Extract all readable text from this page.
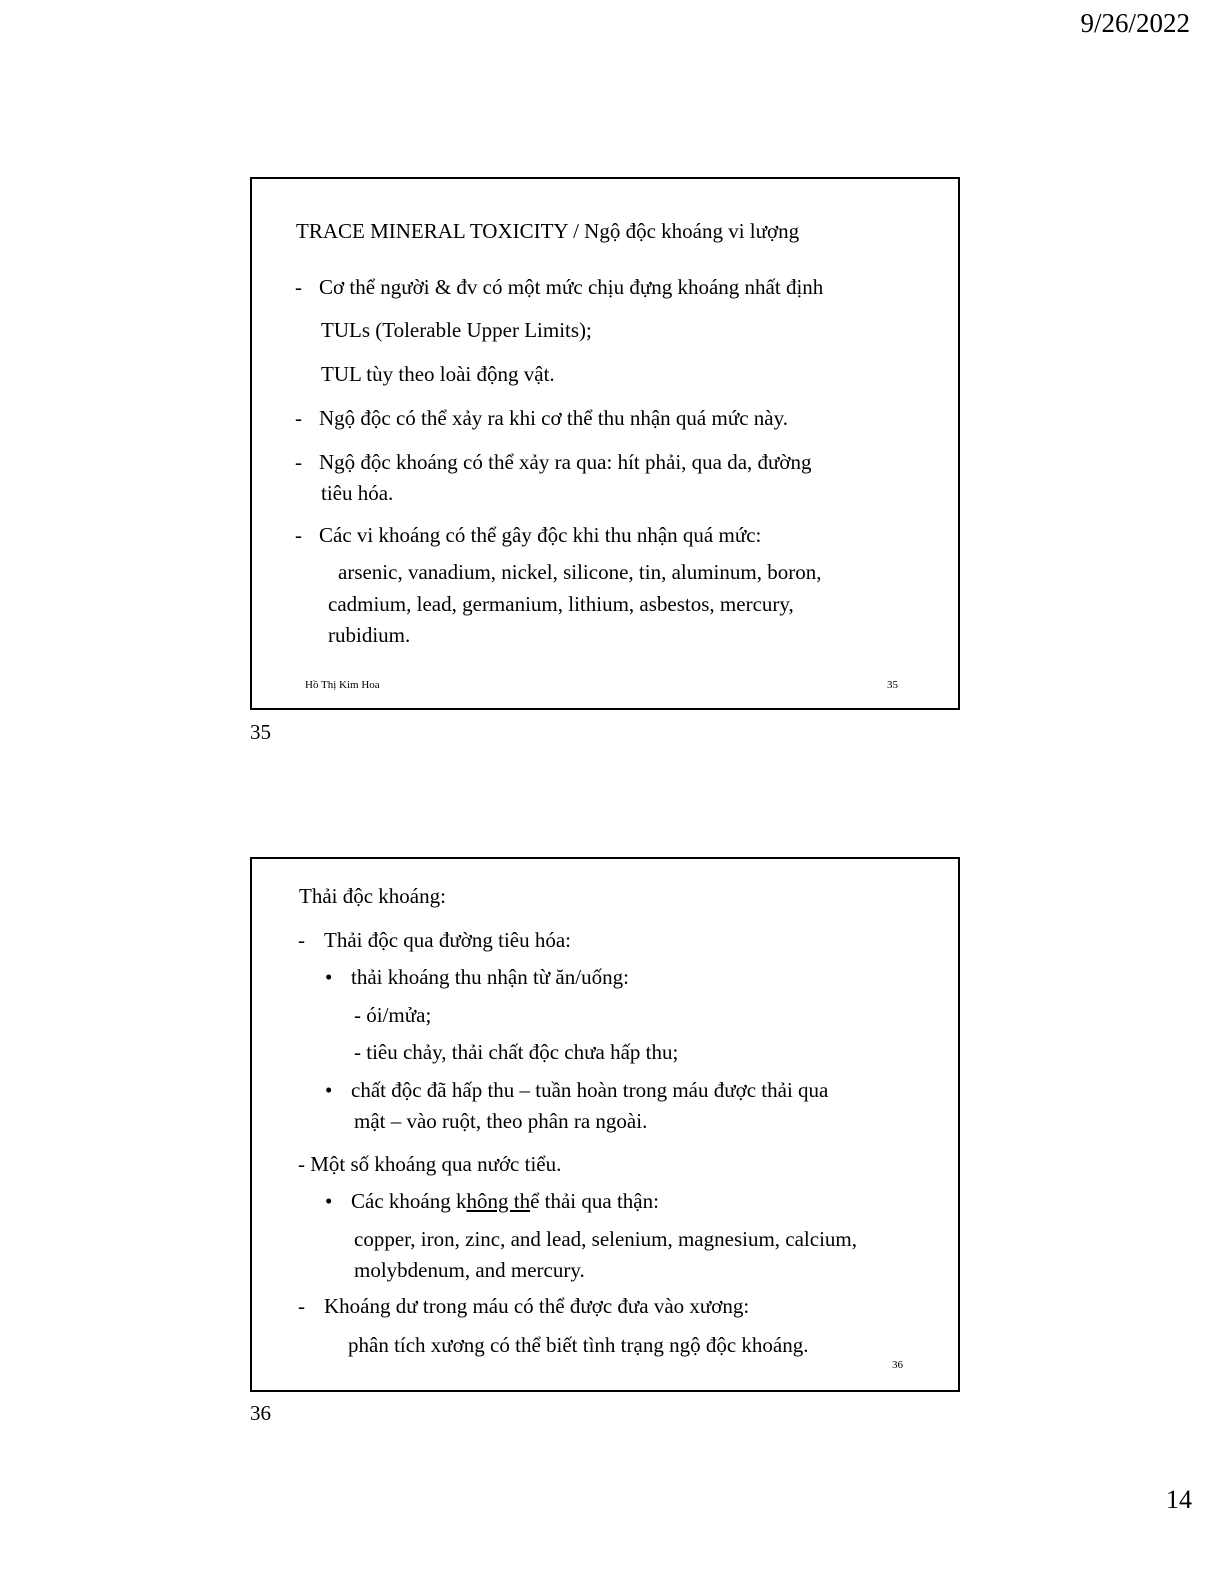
9/26/2022
TRACE MINERAL TOXICITY / Ngộ độc khoáng vi lượng
- Cơ thể người & đv có một mức chịu đựng khoáng nhất định
TULs (Tolerable Upper Limits);
TUL tùy theo loài động vật.
- Ngộ độc có thể xảy ra khi cơ thể thu nhận quá mức này.
- Ngộ độc khoáng có thể xảy ra qua: hít phải, qua da, đường
tiêu hóa.
- Các vi khoáng có thể gây độc khi thu nhận quá mức:
arsenic, vanadium, nickel, silicone, tin, aluminum, boron,
cadmium, lead, germanium, lithium, asbestos, mercury,
rubidium.
Hồ Thị Kim Hoa	35
35
Thải độc khoáng:
- Thải độc qua đường tiêu hóa:
• thải khoáng thu nhận từ ăn/uống:
- ói/mửa;
- tiêu chảy, thải chất độc chưa hấp thu;
• chất độc đã hấp thu – tuần hoàn trong máu được thải qua
mật – vào ruột, theo phân ra ngoài.
- Một số khoáng qua nước tiểu.
• Các khoáng không thể thải qua thận:
copper, iron, zinc, and lead, selenium, magnesium, calcium,
molybdenum, and mercury.
- Khoáng dư trong máu có thể được đưa vào xương:
phân tích xương có thể biết tình trạng ngộ độc khoáng.
36
36
14
